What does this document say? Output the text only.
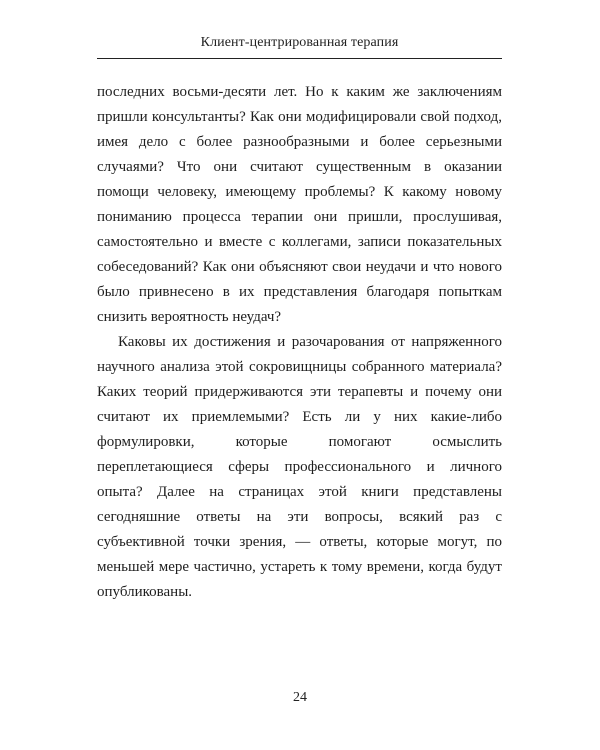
Клиент-центрированная терапия

последних восьми-десяти лет. Но к каким же заключениям пришли консультанты? Как они модифицировали свой подход, имея дело с более разнообразными и более серьезными случаями? Что они считают существенным в оказании помощи человеку, имеющему проблемы? К какому новому пониманию процесса терапии они пришли, прослушивая, самостоятельно и вместе с коллегами, записи показательных собеседований? Как они объясняют свои неудачи и что нового было привнесено в их представления благодаря попыткам снизить вероятность неудач?

Каковы их достижения и разочарования от напряженного научного анализа этой сокровищницы собранного материала? Каких теорий придерживаются эти терапевты и почему они считают их приемлемыми? Есть ли у них какие-либо формулировки, которые помогают осмыслить переплетающиеся сферы профессионального и личного опыта? Далее на страницах этой книги представлены сегодняшние ответы на эти вопросы, всякий раз с субъективной точки зрения, — ответы, которые могут, по меньшей мере частично, устареть к тому времени, когда будут опубликованы.

24
